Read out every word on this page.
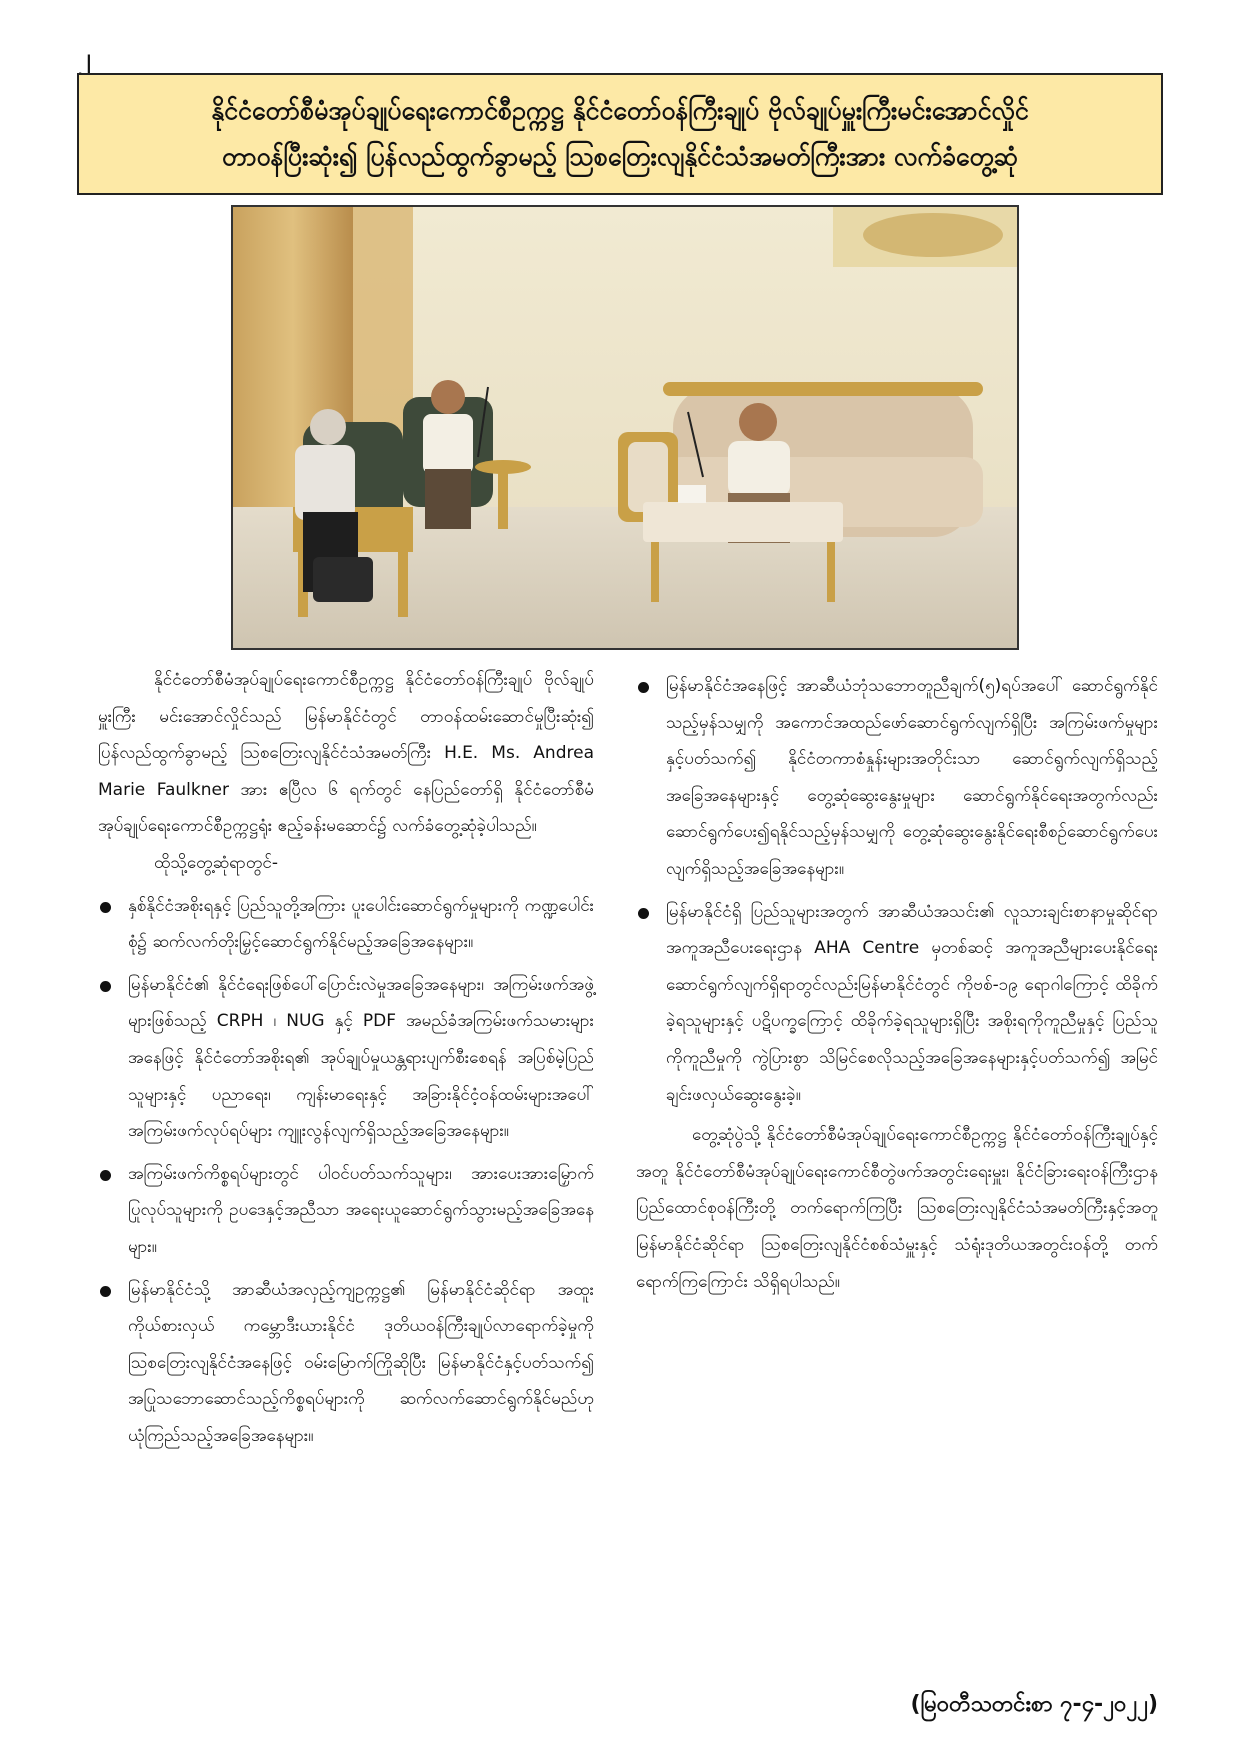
၂
နိုင်ငံတော်စီမံအုပ်ချုပ်ရေးကောင်စီဥက္ကဋ္ဌ နိုင်ငံတော်ဝန်ကြီးချုပ် ဗိုလ်ချုပ်မှူးကြီးမင်းအောင်လှိုင်
တာဝန်ပြီးဆုံး၍ ပြန်လည်ထွက်ခွာမည့် ဩစတြေးလျနိုင်ငံသံအမတ်ကြီးအား လက်ခံတွေ့ဆုံ

နိုင်ငံတော်စီမံအုပ်ချုပ်ရေးကောင်စီဥက္ကဋ္ဌ နိုင်ငံတော်ဝန်ကြီးချုပ် ဗိုလ်ချုပ်မှူးကြီး မင်းအောင်လှိုင်သည် မြန်မာနိုင်ငံတွင် တာဝန်ထမ်းဆောင်မှုပြီးဆုံး၍ ပြန်လည်ထွက်ခွာမည့် ဩစတြေးလျနိုင်ငံသံအမတ်ကြီး H.E. Ms. Andrea Marie Faulkner အား ဧပြီလ ၆ ရက်တွင် နေပြည်တော်ရှိ နိုင်ငံတော်စီမံအုပ်ချုပ်ရေးကောင်စီဥက္ကဋ္ဌရုံး ဧည့်ခန်းမဆောင်၌ လက်ခံတွေ့ဆုံခဲ့ပါသည်။

ထိုသို့တွေ့ဆုံရာတွင်-

နှစ်နိုင်ငံအစိုးရနှင့် ပြည်သူတို့အကြား ပူးပေါင်းဆောင်ရွက်မှုများကို ကဏ္ဍပေါင်းစုံ၌ ဆက်လက်တိုးမြှင့်ဆောင်ရွက်နိုင်မည့်အခြေအနေများ။
မြန်မာနိုင်ငံ၏ နိုင်ငံရေးဖြစ်ပေါ်ပြောင်းလဲမှုအခြေအနေများ၊ အကြမ်းဖက်အဖွဲ့များဖြစ်သည့် CRPH ၊ NUG နှင့် PDF အမည်ခံအကြမ်းဖက်သမားများအနေဖြင့် နိုင်ငံတော်အစိုးရ၏ အုပ်ချုပ်မှုယန္တရားပျက်စီးစေရန် အပြစ်မဲ့ပြည်သူများနှင့် ပညာရေး၊ ကျန်းမာရေးနှင့် အခြားနိုင်ငံ့ဝန်ထမ်းများအပေါ် အကြမ်းဖက်လုပ်ရပ်များ ကျူးလွန်လျက်ရှိသည့်အခြေအနေများ။
အကြမ်းဖက်ကိစ္စရပ်များတွင် ပါဝင်ပတ်သက်သူများ၊ အားပေးအားမြှောက်ပြုလုပ်သူများကို ဥပဒေနှင့်အညီသာ အရေးယူဆောင်ရွက်သွားမည့်အခြေအနေများ။
မြန်မာနိုင်ငံသို့ အာဆီယံအလှည့်ကျဥက္ကဋ္ဌ၏ မြန်မာနိုင်ငံဆိုင်ရာ အထူးကိုယ်စားလှယ် ကမ္ဘောဒီးယားနိုင်ငံ ဒုတိယဝန်ကြီးချုပ်လာရောက်ခဲ့မှုကို ဩစတြေးလျနိုင်ငံအနေဖြင့် ဝမ်းမြောက်ကြိုဆိုပြီး မြန်မာနိုင်ငံနှင့်ပတ်သက်၍ အပြုသဘောဆောင်သည့်ကိစ္စရပ်များကို ဆက်လက်ဆောင်ရွက်နိုင်မည်ဟု ယုံကြည်သည့်အခြေအနေများ။
မြန်မာနိုင်ငံအနေဖြင့် အာဆီယံဘုံသဘောတူညီချက်(၅)ရပ်အပေါ် ဆောင်ရွက်နိုင်သည့်မှန်သမျှကို အကောင်အထည်ဖော်ဆောင်ရွက်လျက်ရှိပြီး အကြမ်းဖက်မှုများနှင့်ပတ်သက်၍ နိုင်ငံတကာစံနှုန်းများအတိုင်းသာ ဆောင်ရွက်လျက်ရှိသည့်အခြေအနေများနှင့် တွေ့ဆုံဆွေးနွေးမှုများ ဆောင်ရွက်နိုင်ရေးအတွက်လည်း ဆောင်ရွက်ပေး၍ရနိုင်သည့်မှန်သမျှကို တွေ့ဆုံဆွေးနွေးနိုင်ရေးစီစဉ်ဆောင်ရွက်ပေးလျက်ရှိသည့်အခြေအနေများ။
မြန်မာနိုင်ငံရှိ ပြည်သူများအတွက် အာဆီယံအသင်း၏ လူသားချင်းစာနာမှုဆိုင်ရာ အကူအညီပေးရေးဌာန AHA Centre မှတစ်ဆင့် အကူအညီများပေးနိုင်ရေး ဆောင်ရွက်လျက်ရှိရာတွင်လည်းမြန်မာနိုင်ငံတွင် ကိုဗစ်-၁၉ ရောဂါကြောင့် ထိခိုက်ခဲ့ရသူများနှင့် ပဋိပက္ခကြောင့် ထိခိုက်ခဲ့ရသူများရှိပြီး အစိုးရကိုကူညီမှုနှင့် ပြည်သူကိုကူညီမှုကို ကွဲပြားစွာ သိမြင်စေလိုသည့်အခြေအနေများနှင့်ပတ်သက်၍ အမြင်ချင်းဖလှယ်ဆွေးနွေးခဲ့။

တွေ့ဆုံပွဲသို့ နိုင်ငံတော်စီမံအုပ်ချုပ်ရေးကောင်စီဥက္ကဋ္ဌ နိုင်ငံတော်ဝန်ကြီးချုပ်နှင့်အတူ နိုင်ငံတော်စီမံအုပ်ချုပ်ရေးကောင်စီတွဲဖက်အတွင်းရေးမှူး၊ နိုင်ငံခြားရေးဝန်ကြီးဌာန ပြည်ထောင်စုဝန်ကြီးတို့ တက်ရောက်ကြပြီး ဩစတြေးလျနိုင်ငံသံအမတ်ကြီးနှင့်အတူ မြန်မာနိုင်ငံဆိုင်ရာ ဩစတြေးလျနိုင်ငံစစ်သံမှူးနှင့် သံရုံးဒုတိယအတွင်းဝန်တို့ တက်ရောက်ကြကြောင်း သိရှိရပါသည်။

(မြဝတီသတင်းစာ ၇-၄-၂၀၂၂)
